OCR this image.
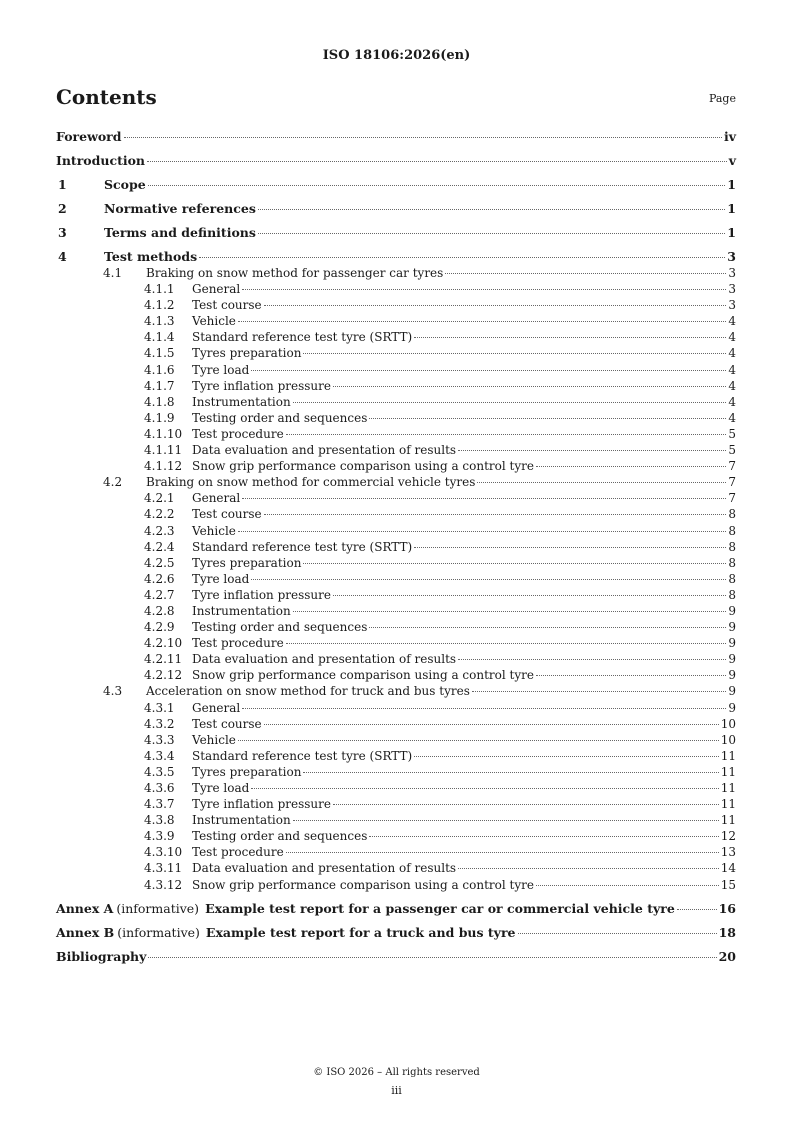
ISO 18106:2026(en)
Contents	Page
Foreword	iv
Introduction	v
1	Scope	1
2	Normative references	1
3	Terms and definitions	1
4	Test methods	3
4.1	Braking on snow method for passenger car tyres	3
4.1.1	General	3
4.1.2	Test course	3
4.1.3	Vehicle	4
4.1.4	Standard reference test tyre (SRTT)	4
4.1.5	Tyres preparation	4
4.1.6	Tyre load	4
4.1.7	Tyre inflation pressure	4
4.1.8	Instrumentation	4
4.1.9	Testing order and sequences	4
4.1.10 Test procedure	5
4.1.11 Data evaluation and presentation of results	5
4.1.12 Snow grip performance comparison using a control tyre	7
4.2	Braking on snow method for commercial vehicle tyres	7
4.2.1	General	7
4.2.2	Test course	8
4.2.3	Vehicle	8
4.2.4	Standard reference test tyre (SRTT)	8
4.2.5	Tyres preparation	8
4.2.6	Tyre load	8
4.2.7	Tyre inflation pressure	8
4.2.8	Instrumentation	9
4.2.9	Testing order and sequences	9
4.2.10 Test procedure	9
4.2.11 Data evaluation and presentation of results	9
4.2.12 Snow grip performance comparison using a control tyre	9
4.3	Acceleration on snow method for truck and bus tyres	9
4.3.1	General	9
4.3.2	Test course	10
4.3.3	Vehicle	10
4.3.4	Standard reference test tyre (SRTT)	11
4.3.5	Tyres preparation	11
4.3.6	Tyre load	11
4.3.7	Tyre inflation pressure	11
4.3.8	Instrumentation	11
4.3.9	Testing order and sequences	12
4.3.10 Test procedure	13
4.3.11 Data evaluation and presentation of results	14
4.3.12 Snow grip performance comparison using a control tyre	15
Annex A (informative) Example test report for a passenger car or commercial vehicle tyre	16
Annex B (informative) Example test report for a truck and bus tyre	18
Bibliography	20
© ISO 2026 – All rights reserved
iii
